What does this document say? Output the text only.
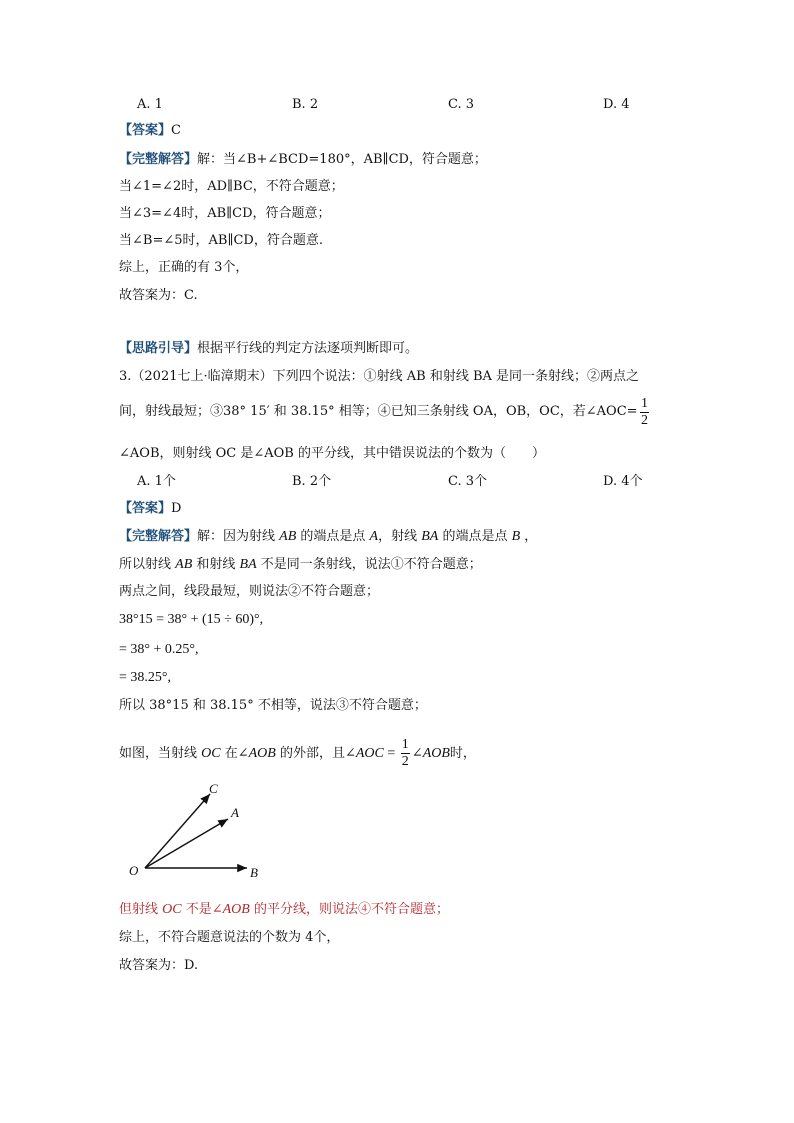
A. 1	B. 2	C. 3	D. 4
【答案】C
【完整解答】解：当∠B+∠BCD=180°，AB∥CD，符合题意；
当∠1=∠2时，AD∥BC，不符合题意；
当∠3=∠4时，AB∥CD，符合题意；
当∠B=∠5时，AB∥CD，符合题意.
综上，正确的有 3个，
故答案为：C.
【思路引导】根据平行线的判定方法逐项判断即可。
3.（2021七上·临漳期末）下列四个说法：①射线 AB 和射线 BA 是同一条射线；②两点之
间，射线最短；③38° 15′ 和 38.15° 相等；④已知三条射线 OA，OB，OC，若∠AOC= $\frac{1}{2}$
∠AOB，则射线 OC 是∠AOB 的平分线，其中错误说法的个数为（　　）
A. 1个	B. 2个	C. 3个	D. 4个
【答案】D
【完整解答】解：因为射线 AB 的端点是点 A，射线 BA 的端点是点 B ，
所以射线 AB 和射线 BA 不是同一条射线，说法①不符合题意；
两点之间，线段最短，则说法②不符合题意；
38°15 = 38° + (15 ÷ 60)°,
= 38° + 0.25°,
= 38.25°,
所以 38°15 和 38.15° 不相等，说法③不符合题意；
如图，当射线 OC 在∠AOB 的外部，且∠AOC = $\frac{1}{2}$ ∠AOB时，
C
A
O	B
但射线 OC 不是∠AOB 的平分线，则说法④不符合题意；
综上，不符合题意说法的个数为 4个，
故答案为：D.
